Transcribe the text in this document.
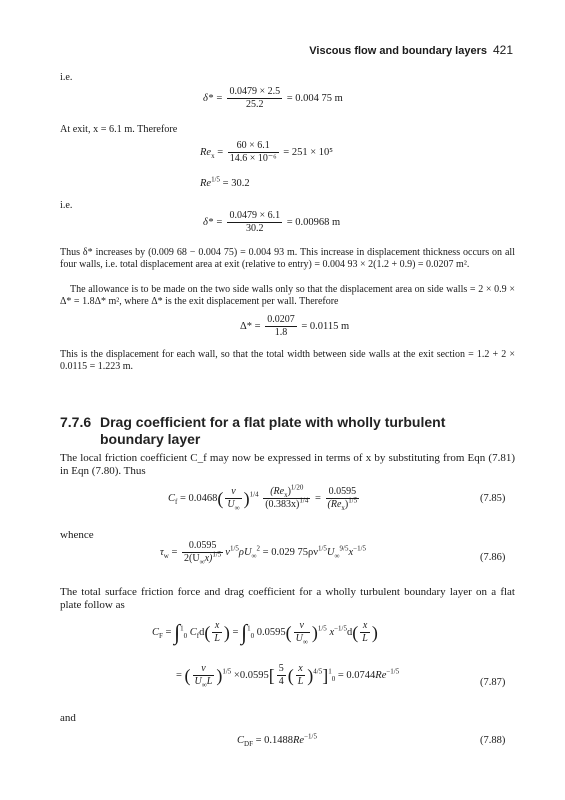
Viscous flow and boundary layers 421
i.e.
$\delta* = \frac{0.0479 \times 2.5}{25.2} = 0.004$ 75 m
At exit, x = 6.1 m. Therefore
$Re_x = \frac{60 \times 6.1}{\text{14.6 × 10⁻⁶}} = 251 \times 10^5$
$Re^{1/5} = 30.2$
i.e.
$\delta* = \frac{0.0479 \times 6.1}{30.2} = 0.00968$ m
Thus δ* increases by (0.009 68 − 0.004 75) = 0.004 93 m. This increase in displacement thickness occurs on all four walls, i.e. total displacement area at exit (relative to entry) = 0.004 93 × 2(1.2 + 0.9) = 0.0207 m².
The allowance is to be made on the two side walls only so that the displacement area on side walls = 2 × 0.9 × Δ* = 1.8Δ* m², where Δ* is the exit displacement per wall. Therefore
$\Delta* = \frac{0.0207}{1.8} = 0.0115$ m
This is the displacement for each wall, so that the total width between side walls at the exit section = 1.2 + 2 × 0.0115 = 1.223 m.
7.7.6 Drag coefficient for a flat plate with wholly turbulent
boundary layer
The local friction coefficient C_f may now be expressed in terms of x by substituting from Eqn (7.81) in Eqn (7.80). Thus
$C_f = 0.0468( \frac{\nu}{U_\infty} )^{1/4} \frac{(Re_x)^{1/20}}{(0.383x)^{1/4}} = \frac{0.0595}{(Re_x)^{1/5}}$	(7.85)
whence
$\tau_w = \frac{0.0595}{2(U_\infty x)^{1/5}} \nu^{1/5}\rho U_\infty^2 = 0.029$ $75\rho\nu^{1/5}U_\infty^{9/5}x^{-1/5}$
(7.86)
The total surface friction force and drag coefficient for a wholly turbulent boundary layer on a flat plate follow as
$C_F = \int^1_0$ $C_fd( \frac{x}{L}$ ) = ∫$^1_0$ $0.0595( \frac{\nu}{U_\infty} )^{1/5}$ $x^{-1/5}d( \frac{x}{L}$ )
= ( $\frac{\nu}{U_\infty L} )^{1/5} \times 0.0595[ \frac{5}{4}$ ( $\frac{x}{L} )^{4/5}]^1_0 = 0.0744Re^{-1/5}$
(7.87)
and
$C_{DF} = 0.1488Re^{-1/5}$	(7.88)
